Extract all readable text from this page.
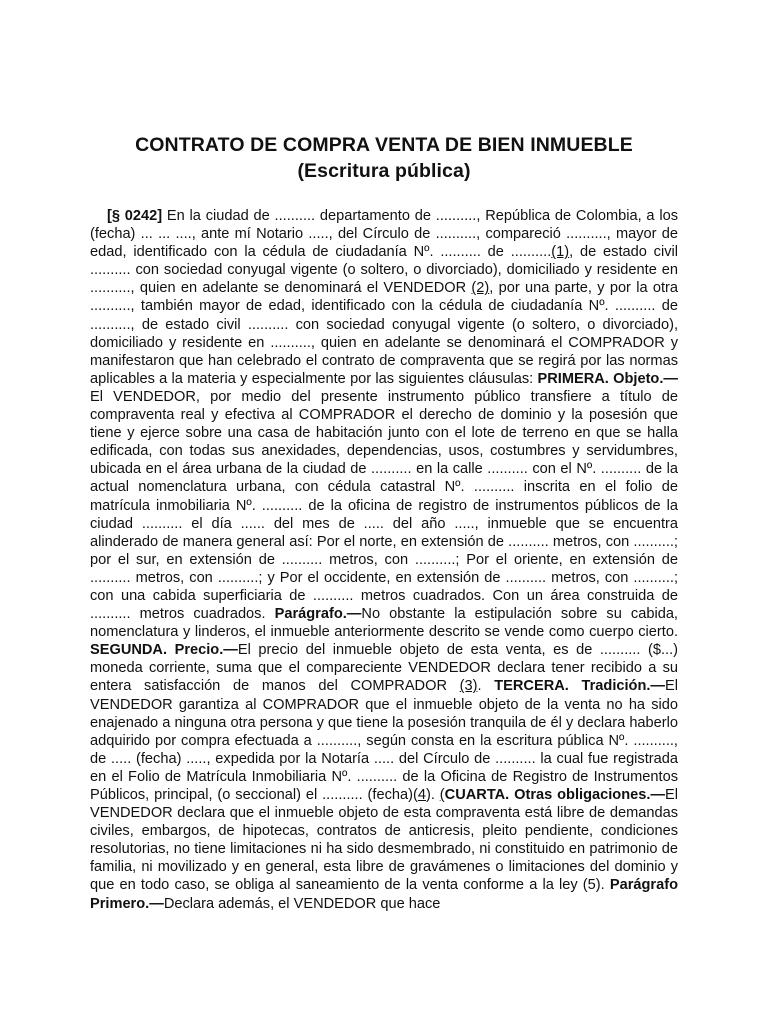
CONTRATO DE COMPRA VENTA DE BIEN INMUEBLE
(Escritura pública)

[§ 0242] En la ciudad de .......... departamento de .........., República de Colombia, a los (fecha) ... ... ...., ante mí Notario ....., del Círculo de .........., compareció .........., mayor de edad, identificado con la cédula de ciudadanía Nº. .......... de ..........(1), de estado civil .......... con sociedad conyugal vigente (o soltero, o divorciado), domiciliado y residente en .........., quien en adelante se denominará el VENDEDOR (2), por una parte, y por la otra .........., también mayor de edad, identificado con la cédula de ciudadanía Nº. .......... de .........., de estado civil .......... con sociedad conyugal vigente (o soltero, o divorciado), domiciliado y residente en .........., quien en adelante se denominará el COMPRADOR y manifestaron que han celebrado el contrato de compraventa que se regirá por las normas aplicables a la materia y especialmente por las siguientes cláusulas: PRIMERA. Objeto.—El VENDEDOR, por medio del presente instrumento público transfiere a título de compraventa real y efectiva al COMPRADOR el derecho de dominio y la posesión que tiene y ejerce sobre una casa de habitación junto con el lote de terreno en que se halla edificada, con todas sus anexidades, dependencias, usos, costumbres y servidumbres, ubicada en el área urbana de la ciudad de .......... en la calle .......... con el Nº. .......... de la actual nomenclatura urbana, con cédula catastral Nº. .......... inscrita en el folio de matrícula inmobiliaria Nº. .......... de la oficina de registro de instrumentos públicos de la ciudad .......... el día ...... del mes de ..... del año ....., inmueble que se encuentra alinderado de manera general así: Por el norte, en extensión de .......... metros, con ..........; por el sur, en extensión de .......... metros, con ..........; Por el oriente, en extensión de .......... metros, con ..........; y Por el occidente, en extensión de .......... metros, con ..........; con una cabida superficiaria de .......... metros cuadrados. Con un área construida de .......... metros cuadrados. Parágrafo.—No obstante la estipulación sobre su cabida, nomenclatura y linderos, el inmueble anteriormente descrito se vende como cuerpo cierto. SEGUNDA. Precio.—El precio del inmueble objeto de esta venta, es de .......... ($...) moneda corriente, suma que el compareciente VENDEDOR declara tener recibido a su entera satisfacción de manos del COMPRADOR (3). TERCERA. Tradición.—El VENDEDOR garantiza al COMPRADOR que el inmueble objeto de la venta no ha sido enajenado a ninguna otra persona y que tiene la posesión tranquila de él y declara haberlo adquirido por compra efectuada a .........., según consta en la escritura pública Nº. .........., de ..... (fecha) ....., expedida por la Notaría ..... del Círculo de .......... la cual fue registrada en el Folio de Matrícula Inmobiliaria Nº. .......... de la Oficina de Registro de Instrumentos Públicos, principal, (o seccional) el .......... (fecha)(4). (CUARTA. Otras obligaciones.—El VENDEDOR declara que el inmueble objeto de esta compraventa está libre de demandas civiles, embargos, de hipotecas, contratos de anticresis, pleito pendiente, condiciones resolutorias, no tiene limitaciones ni ha sido desmembrado, ni constituido en patrimonio de familia, ni movilizado y en general, esta libre de gravámenes o limitaciones del dominio y que en todo caso, se obliga al saneamiento de la venta conforme a la ley (5). Parágrafo Primero.—Declara además, el VENDEDOR que hace
